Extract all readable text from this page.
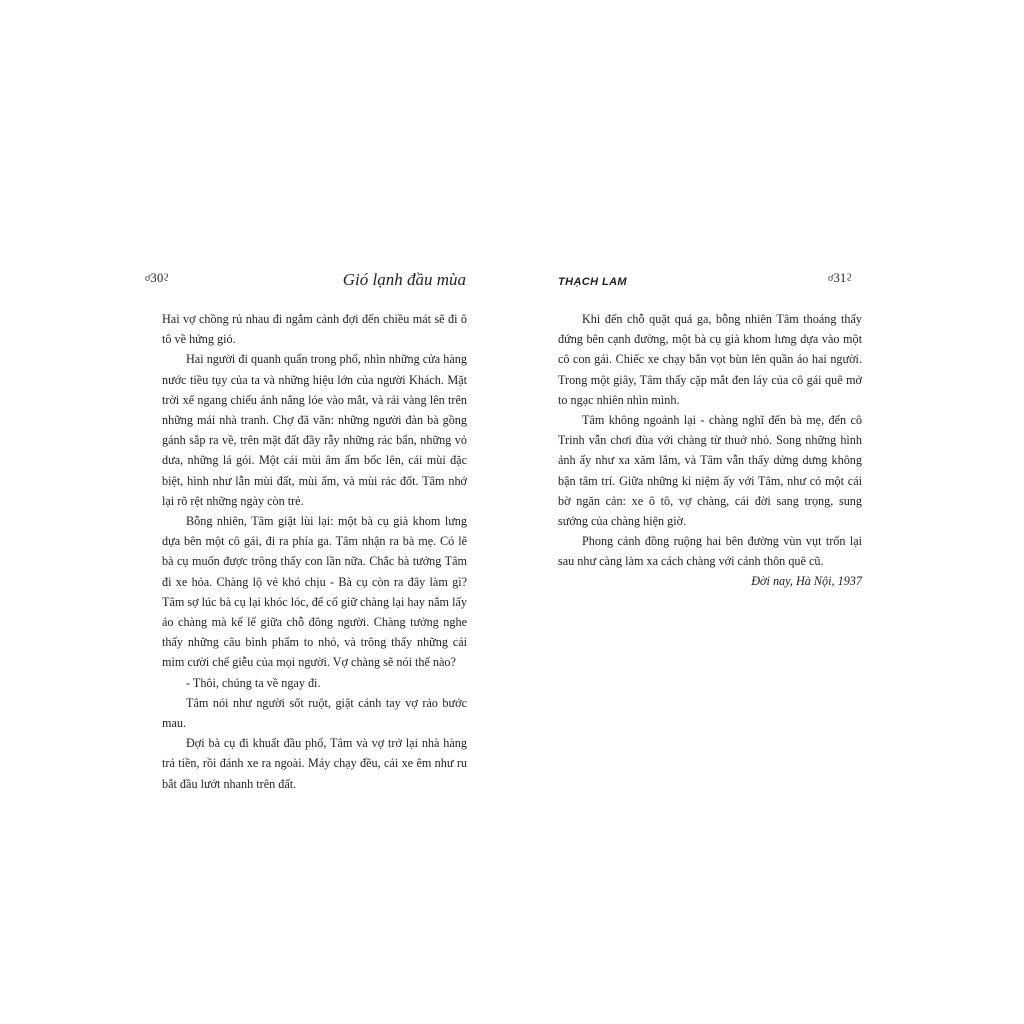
ơ30ϩ	Gió lạnh đầu mùa

Hai vợ chồng rủ nhau đi ngắm cảnh đợi đến chiều mát sẽ đi ô tô về hứng gió.

Hai người đi quanh quẩn trong phố, nhìn những cửa hàng nước tiều tụy của ta và những hiệu lớn của người Khách. Mặt trời xế ngang chiếu ánh nắng lóe vào mắt, và rải vàng lên trên những mái nhà tranh. Chợ đã vãn: những người đàn bà gồng gánh sắp ra về, trên mặt đất đầy rẫy những rác bẩn, những vỏ dưa, những lá gói. Một cái mùi âm ẩm bốc lên, cái mùi đặc biệt, hình như lẫn mùi đất, mùi ẩm, và mùi rác đốt. Tâm nhớ lại rõ rệt những ngày còn trẻ.

Bỗng nhiên, Tâm giật lùi lại: một bà cụ già khom lưng dựa bên một cô gái, đi ra phía ga. Tâm nhận ra bà mẹ. Có lẽ bà cụ muốn được trông thấy con lần nữa. Chắc bà tưởng Tâm đi xe hỏa. Chàng lộ vẻ khó chịu - Bà cụ còn ra đây làm gì? Tâm sợ lúc bà cụ lại khóc lóc, để cố giữ chàng lại hay nắm lấy áo chàng mà kể lể giữa chỗ đông người. Chàng tưởng nghe thấy những câu bình phẩm to nhỏ, và trông thấy những cái mỉm cười chế giễu của mọi người. Vợ chàng sẽ nói thế nào?

- Thôi, chúng ta về ngay đi.

Tâm nói như người sốt ruột, giật cánh tay vợ rảo bước mau.

Đợi bà cụ đi khuất đầu phố, Tâm và vợ trở lại nhà hàng trả tiền, rồi đánh xe ra ngoài. Máy chạy đều, cái xe êm như ru bắt đầu lướt nhanh trên đất.

THẠCH LAM	ơ31ϩ

Khi đến chỗ quặt quá ga, bỗng nhiên Tâm thoáng thấy đứng bên cạnh đường, một bà cụ già khom lưng dựa vào một cô con gái. Chiếc xe chạy bắn vọt bùn lên quần áo hai người. Trong một giây, Tâm thấy cặp mắt đen láy của cô gái quê mở to ngạc nhiên nhìn mình.

Tâm không ngoảnh lại - chàng nghĩ đến bà mẹ, đến cô Trinh vẫn chơi đùa với chàng từ thuở nhỏ. Song những hình ảnh ấy như xa xăm lắm, và Tâm vẫn thấy dửng dưng không bận tâm trí. Giữa những kỉ niệm ấy với Tâm, như có một cái bờ ngăn cản: xe ô tô, vợ chàng, cái đời sang trọng, sung sướng của chàng hiện giờ.

Phong cảnh đồng ruộng hai bên đường vùn vụt trốn lại sau như càng làm xa cách chàng với cảnh thôn quê cũ.

Đời nay, Hà Nội, 1937
